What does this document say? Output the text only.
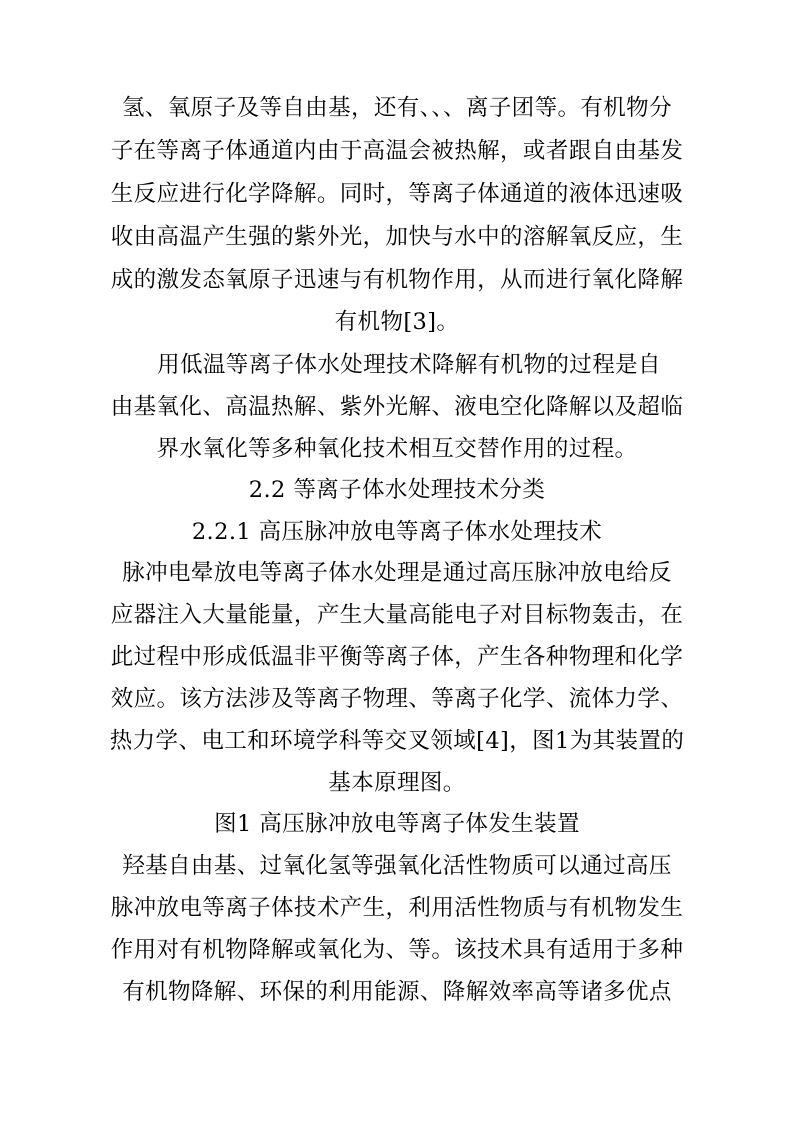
氢、氧原子及等自由基，还有、、、离子团等。有机物分
子在等离子体通道内由于高温会被热解，或者跟自由基发
生反应进行化学降解。同时，等离子体通道的液体迅速吸
收由高温产生强的紫外光，加快与水中的溶解氧反应，生
成的激发态氧原子迅速与有机物作用，从而进行氧化降解
有机物[3]。
用低温等离子体水处理技术降解有机物的过程是自
由基氧化、高温热解、紫外光解、液电空化降解以及超临
界水氧化等多种氧化技术相互交替作用的过程。
2.2 等离子体水处理技术分类
2.2.1 高压脉冲放电等离子体水处理技术
脉冲电晕放电等离子体水处理是通过高压脉冲放电给反
应器注入大量能量，产生大量高能电子对目标物轰击，在
此过程中形成低温非平衡等离子体，产生各种物理和化学
效应。该方法涉及等离子物理、等离子化学、流体力学、
热力学、电工和环境学科等交叉领域[4]，图1为其装置的
基本原理图。
图1 高压脉冲放电等离子体发生装置
羟基自由基、过氧化氢等强氧化活性物质可以通过高压
脉冲放电等离子体技术产生，利用活性物质与有机物发生
作用对有机物降解或氧化为、等。该技术具有适用于多种
有机物降解、环保的利用能源、降解效率高等诸多优点
